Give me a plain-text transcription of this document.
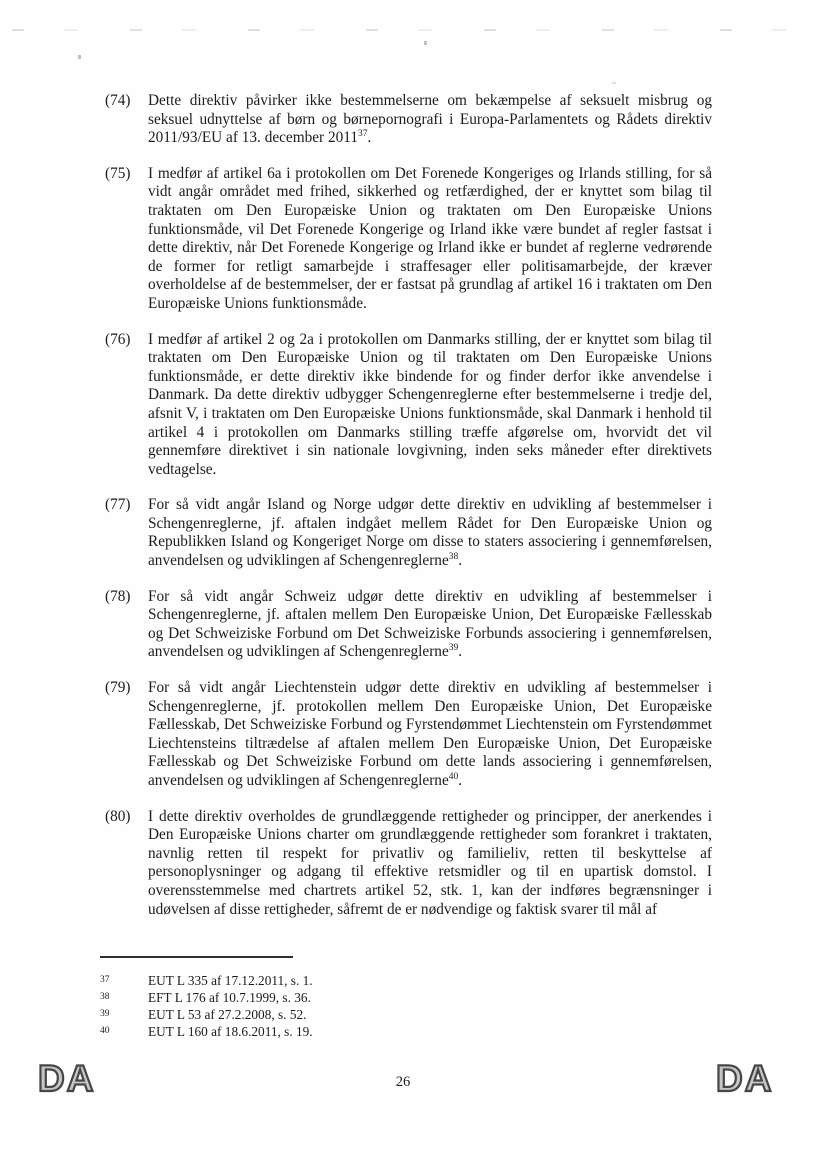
(74)	Dette direktiv påvirker ikke bestemmelserne om bekæmpelse af seksuelt misbrug og seksuel udnyttelse af børn og børnepornografi i Europa-Parlamentets og Rådets direktiv 2011/93/EU af 13. december 2011$^{37}$.
(75)	I medfør af artikel 6a i protokollen om Det Forenede Kongeriges og Irlands stilling, for så vidt angår området med frihed, sikkerhed og retfærdighed, der er knyttet som bilag til traktaten om Den Europæiske Union og traktaten om Den Europæiske Unions funktionsmåde, vil Det Forenede Kongerige og Irland ikke være bundet af regler fastsat i dette direktiv, når Det Forenede Kongerige og Irland ikke er bundet af reglerne vedrørende de former for retligt samarbejde i straffesager eller politisamarbejde, der kræver overholdelse af de bestemmelser, der er fastsat på grundlag af artikel 16 i traktaten om Den Europæiske Unions funktionsmåde.
(76)	I medfør af artikel 2 og 2a i protokollen om Danmarks stilling, der er knyttet som bilag til traktaten om Den Europæiske Union og til traktaten om Den Europæiske Unions funktionsmåde, er dette direktiv ikke bindende for og finder derfor ikke anvendelse i Danmark. Da dette direktiv udbygger Schengenreglerne efter bestemmelserne i tredje del, afsnit V, i traktaten om Den Europæiske Unions funktionsmåde, skal Danmark i henhold til artikel 4 i protokollen om Danmarks stilling træffe afgørelse om, hvorvidt det vil gennemføre direktivet i sin nationale lovgivning, inden seks måneder efter direktivets vedtagelse.
(77)	For så vidt angår Island og Norge udgør dette direktiv en udvikling af bestemmelser i Schengenreglerne, jf. aftalen indgået mellem Rådet for Den Europæiske Union og Republikken Island og Kongeriget Norge om disse to staters associering i gennemførelsen, anvendelsen og udviklingen af Schengenreglerne$^{38}$.
(78)	For så vidt angår Schweiz udgør dette direktiv en udvikling af bestemmelser i Schengenreglerne, jf. aftalen mellem Den Europæiske Union, Det Europæiske Fællesskab og Det Schweiziske Forbund om Det Schweiziske Forbunds associering i gennemførelsen, anvendelsen og udviklingen af Schengenreglerne$^{39}$.
(79)	For så vidt angår Liechtenstein udgør dette direktiv en udvikling af bestemmelser i Schengenreglerne, jf. protokollen mellem Den Europæiske Union, Det Europæiske Fællesskab, Det Schweiziske Forbund og Fyrstendømmet Liechtenstein om Fyrstendømmet Liechtensteins tiltrædelse af aftalen mellem Den Europæiske Union, Det Europæiske Fællesskab og Det Schweiziske Forbund om dette lands associering i gennemførelsen, anvendelsen og udviklingen af Schengenreglerne$^{40}$.
(80)	I dette direktiv overholdes de grundlæggende rettigheder og principper, der anerkendes i Den Europæiske Unions charter om grundlæggende rettigheder som forankret i traktaten, navnlig retten til respekt for privatliv og familieliv, retten til beskyttelse af personoplysninger og adgang til effektive retsmidler og til en upartisk domstol. I overensstemmelse med chartrets artikel 52, stk. 1, kan der indføres begrænsninger i udøvelsen af disse rettigheder, såfremt de er nødvendige og faktisk svarer til mål af
37	EUT L 335 af 17.12.2011, s. 1.
38	EFT L 176 af 10.7.1999, s. 36.
39	EUT L 53 af 27.2.2008, s. 52.
40	EUT L 160 af 18.6.2011, s. 19.
DA	26	DA
